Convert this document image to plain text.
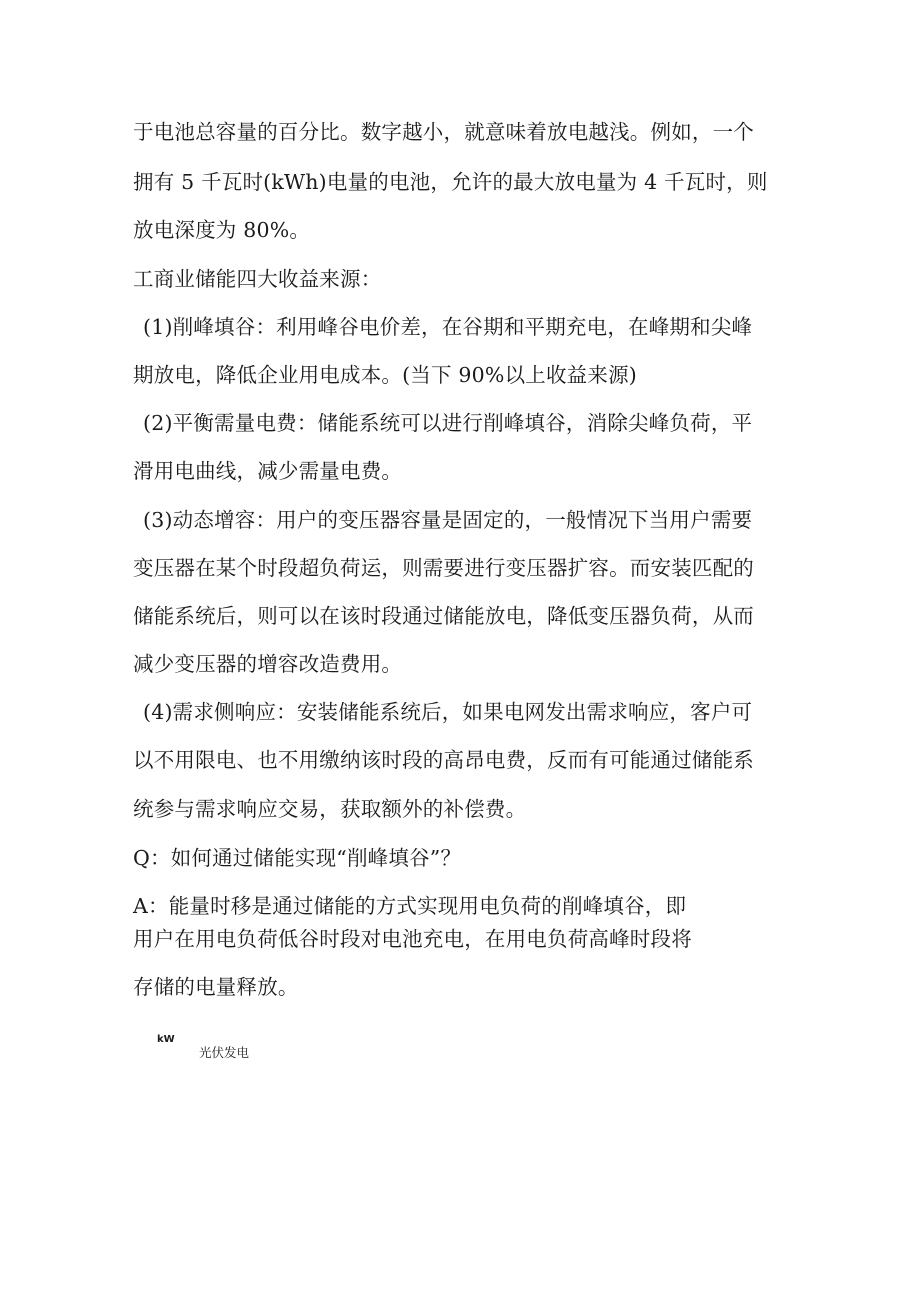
于电池总容量的百分比。数字越小，就意味着放电越浅。例如，一个
拥有 5 千瓦时(kWh)电量的电池，允许的最大放电量为 4 千瓦时，则
放电深度为 80%。
工商业储能四大收益来源：
(1)削峰填谷：利用峰谷电价差，在谷期和平期充电，在峰期和尖峰
期放电，降低企业用电成本。(当下 90%以上收益来源)
(2)平衡需量电费：储能系统可以进行削峰填谷，消除尖峰负荷，平
滑用电曲线，减少需量电费。
(3)动态增容：用户的变压器容量是固定的，一般情况下当用户需要
变压器在某个时段超负荷运，则需要进行变压器扩容。而安装匹配的
储能系统后，则可以在该时段通过储能放电，降低变压器负荷，从而
减少变压器的增容改造费用。
(4)需求侧响应：安装储能系统后，如果电网发出需求响应，客户可
以不用限电、也不用缴纳该时段的高昂电费，反而有可能通过储能系
统参与需求响应交易，获取额外的补偿费。
Q：如何通过储能实现“削峰填谷”？
A：能量时移是通过储能的方式实现用电负荷的削峰填谷，即
用户在用电负荷低谷时段对电池充电，在用电负荷高峰时段将
存储的电量释放。
kW
光伏发电
